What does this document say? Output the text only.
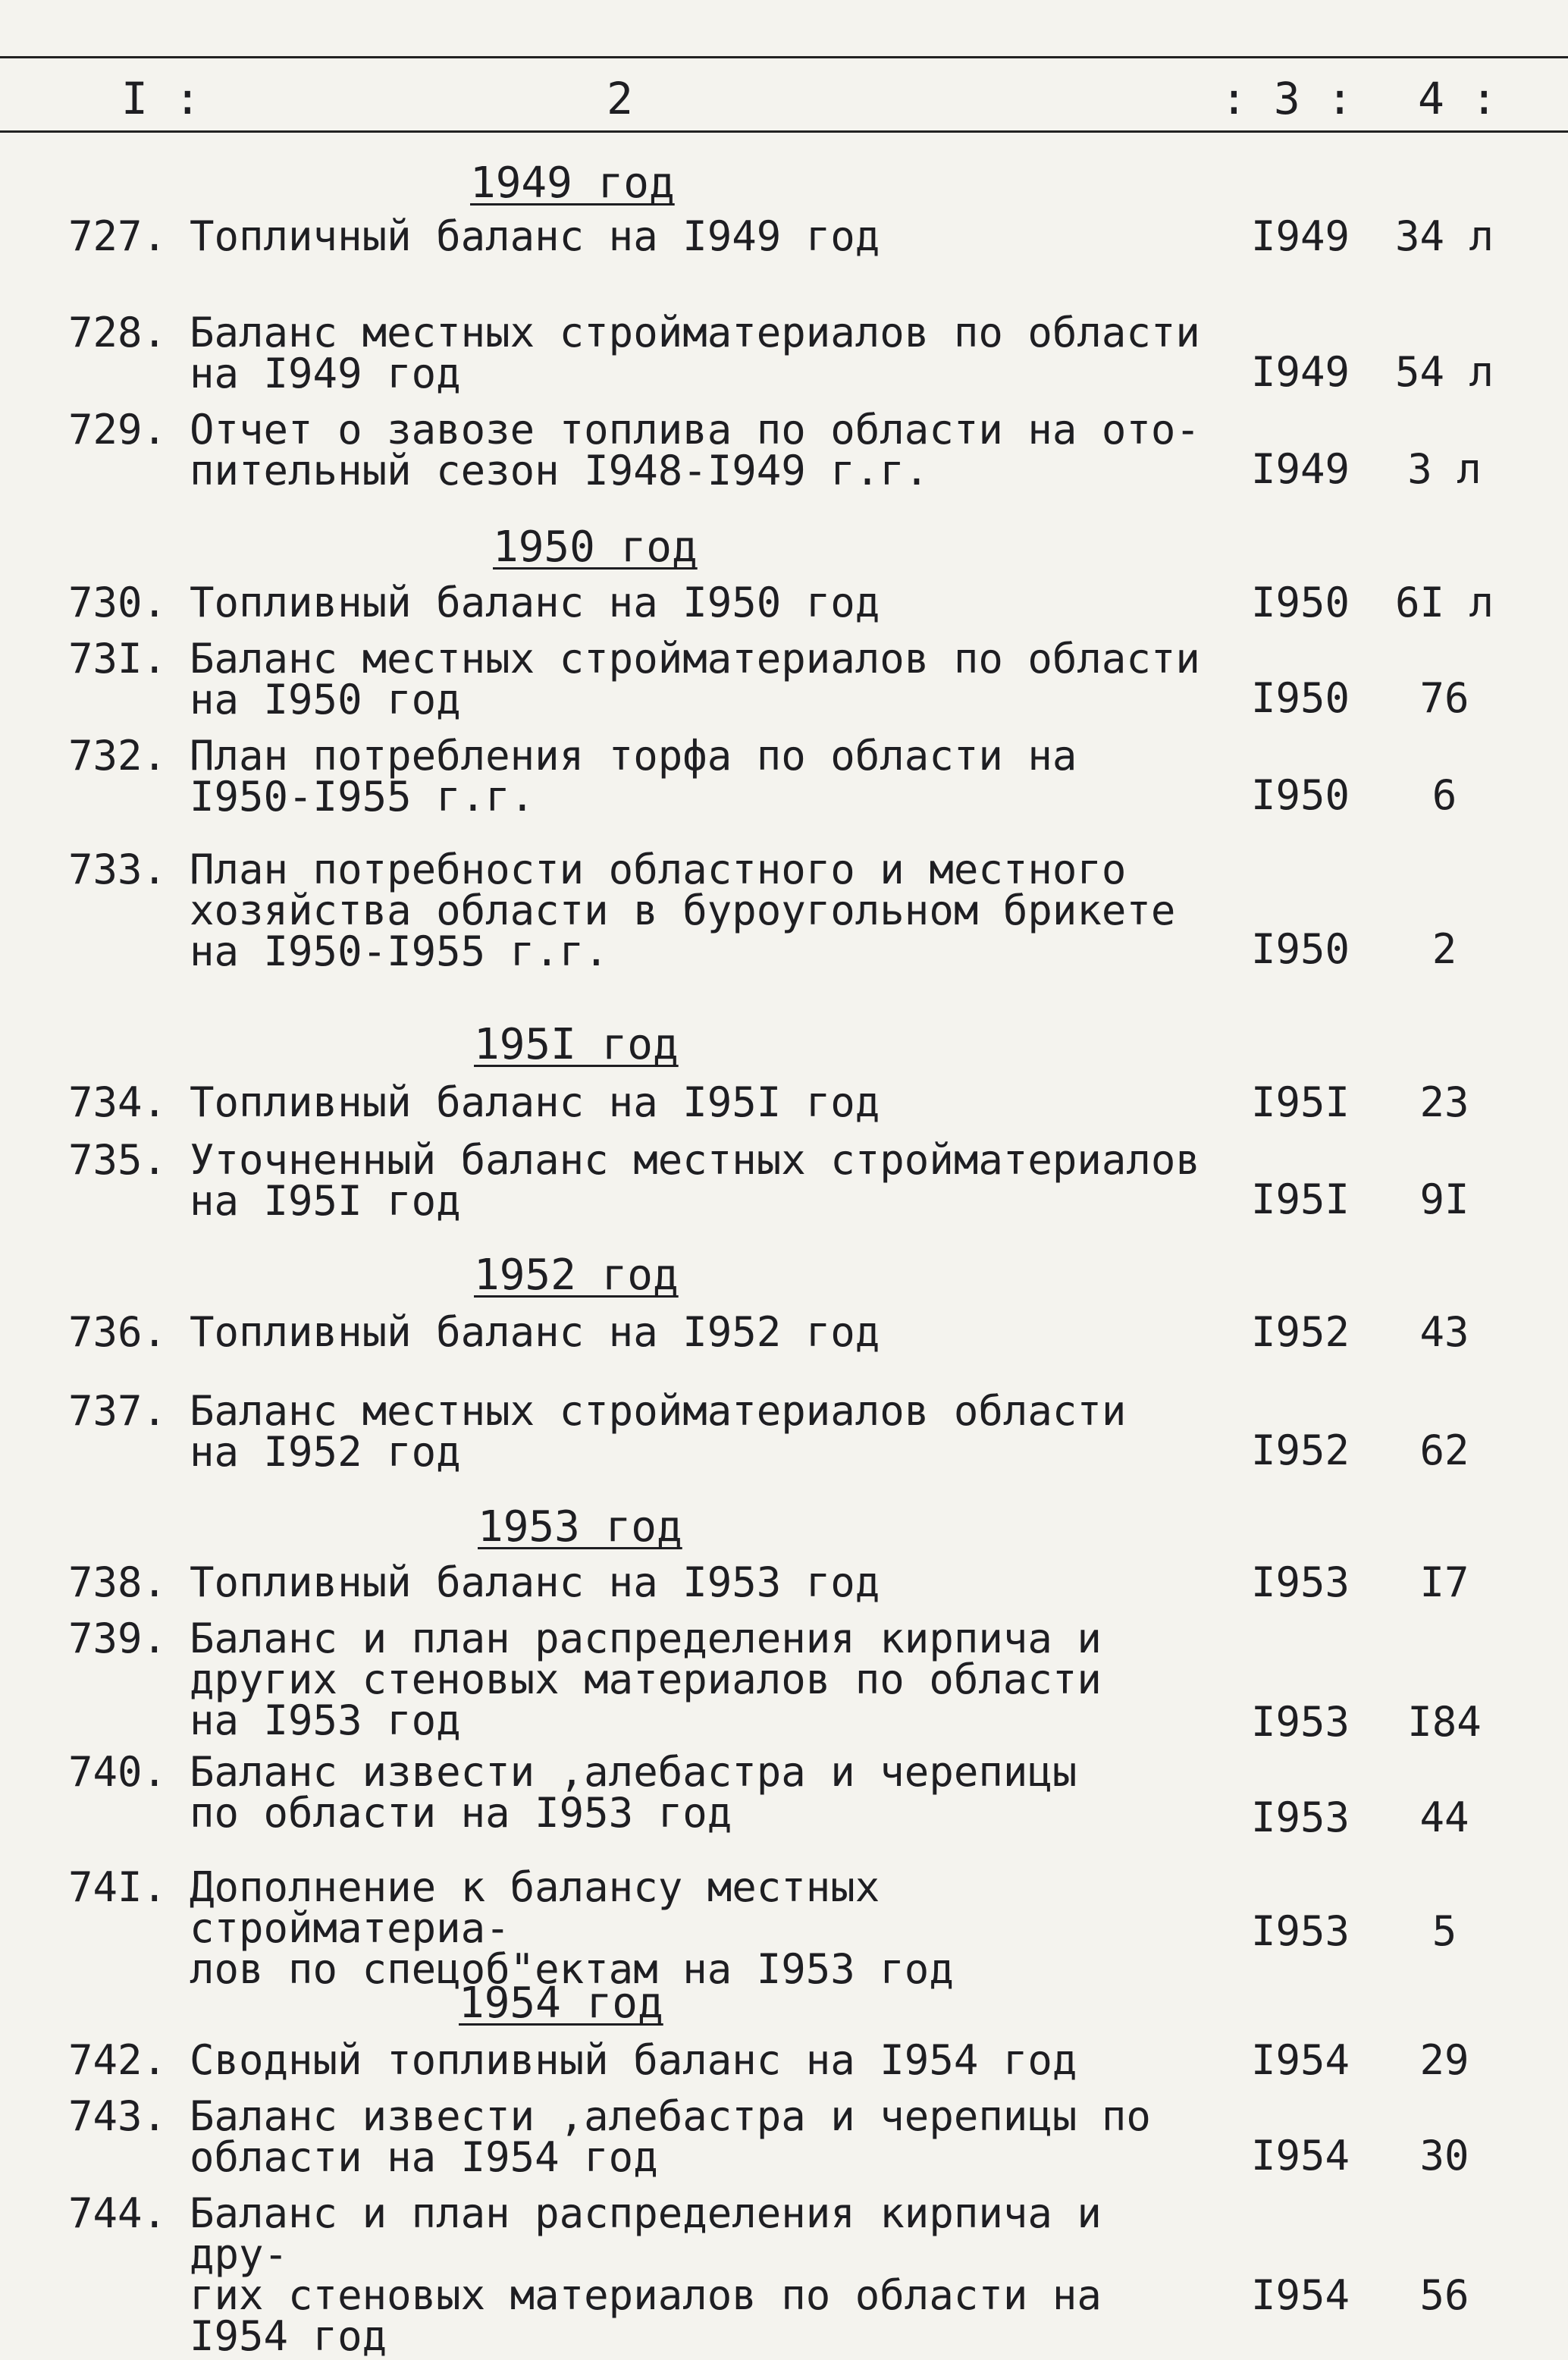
I :	2	: 3 : 4 :
1949 год
727. Топличный баланс на I949 год	I949	34 л
728. Баланс местных стройматериалов по области
на I949 год	I949	54 л
729. Отчет о завозе топлива по области на ото-
пительный сезон I948-I949 г.г.	I949	3 л
1950 год
730. Топливный баланс на I950 год	I950	6I л
73I. Баланс местных стройматериалов по области
на I950 год	I950	76
732. План потребления торфа по области на
I950-I955 г.г.	I950	6
733. План потребности областного и местного
хозяйства области в буроугольном брикете
на I950-I955 г.г.	I950	2
195I год
734. Топливный баланс на I95I год	I95I	23
735. Уточненный баланс местных стройматериалов
на I95I год	I95I	9I
1952 год
736. Топливный баланс на I952 год	I952	43
737. Баланс местных стройматериалов области
на I952 год	I952	62
1953 год
738. Топливный баланс на I953 год	I953	I7
739. Баланс и план распределения кирпича и
других стеновых материалов по области
на I953 год	I953	I84
740. Баланс извести ,алебастра и черепицы
по области на I953 год	I953	44
74I. Дополнение к балансу местных стройматериа-
лов по спецоб"ектам на I953 год
I953	5
1954 год
742. Сводный топливный баланс на I954 год	I954	29
743. Баланс извести ,алебастра и черепицы по
области на I954 год	I954	30
744. Баланс и план распределения кирпича и дру-
гих стеновых материалов по области на
I954 год
I954	56
